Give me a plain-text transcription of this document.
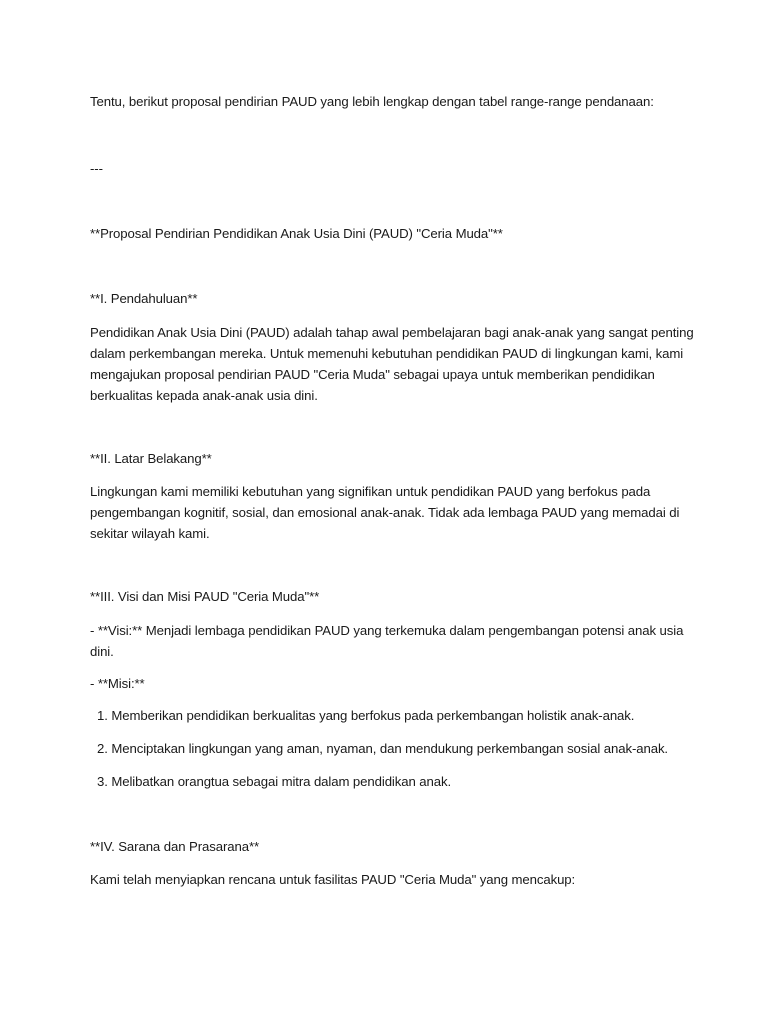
Tentu, berikut proposal pendirian PAUD yang lebih lengkap dengan tabel range-range pendanaan:
---
**Proposal Pendirian Pendidikan Anak Usia Dini (PAUD) "Ceria Muda"**
**I. Pendahuluan**
Pendidikan Anak Usia Dini (PAUD) adalah tahap awal pembelajaran bagi anak-anak yang sangat penting
dalam perkembangan mereka. Untuk memenuhi kebutuhan pendidikan PAUD di lingkungan kami, kami
mengajukan proposal pendirian PAUD "Ceria Muda" sebagai upaya untuk memberikan pendidikan
berkualitas kepada anak-anak usia dini.
**II. Latar Belakang**
Lingkungan kami memiliki kebutuhan yang signifikan untuk pendidikan PAUD yang berfokus pada
pengembangan kognitif, sosial, dan emosional anak-anak. Tidak ada lembaga PAUD yang memadai di
sekitar wilayah kami.
**III. Visi dan Misi PAUD "Ceria Muda"**
- **Visi:** Menjadi lembaga pendidikan PAUD yang terkemuka dalam pengembangan potensi anak usia
dini.
- **Misi:**
1. Memberikan pendidikan berkualitas yang berfokus pada perkembangan holistik anak-anak.
2. Menciptakan lingkungan yang aman, nyaman, dan mendukung perkembangan sosial anak-anak.
3. Melibatkan orangtua sebagai mitra dalam pendidikan anak.
**IV. Sarana dan Prasarana**
Kami telah menyiapkan rencana untuk fasilitas PAUD "Ceria Muda" yang mencakup:
